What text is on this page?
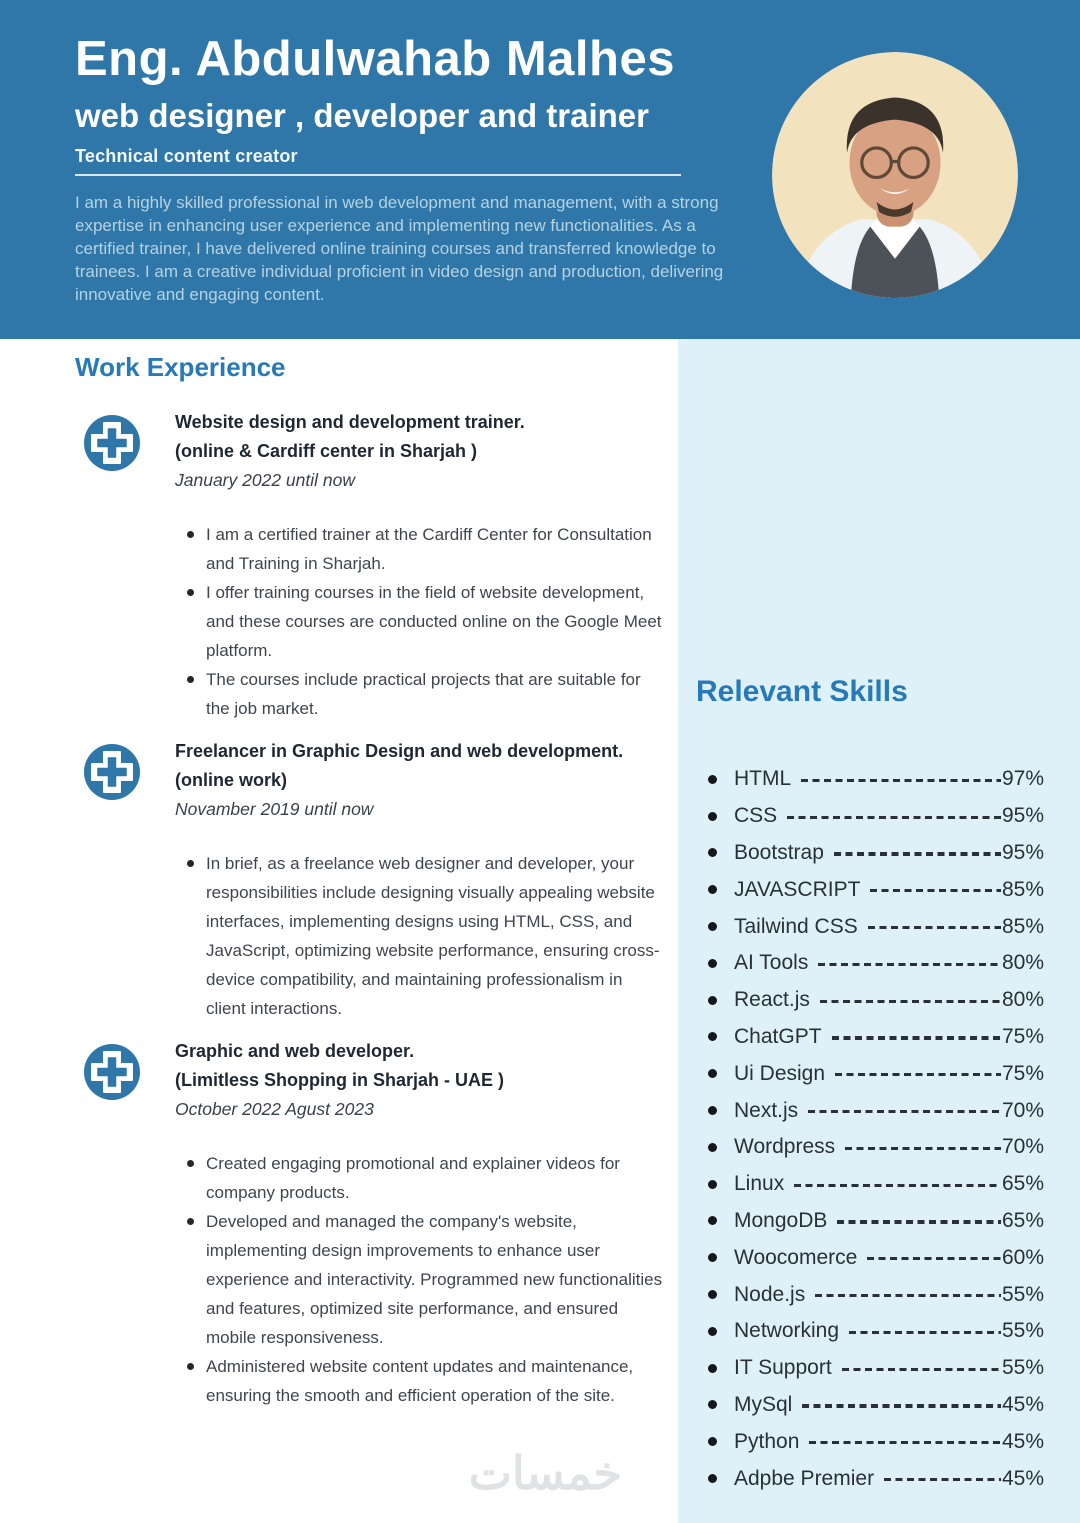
Eng. Abdulwahab Malhes
web designer , developer and trainer
Technical content creator

I am a highly skilled professional in web development and management, with a strong expertise in enhancing user experience and implementing new functionalities. As a certified trainer, I have delivered online training courses and transferred knowledge to trainees. I am a creative individual proficient in video design and production, delivering innovative and engaging content.

Relevant Skills
HTML	97%
CSS	95%
Bootstrap	95%
JAVASCRIPT	85%
Tailwind CSS	85%
AI Tools	80%
React.js	80%
ChatGPT	75%
Ui Design	75%
Next.js	70%
Wordpress	70%
Linux	65%
MongoDB	65%
Woocomerce	60%
Node.js	55%
Networking	55%
IT Support	55%
MySql	45%
Python	45%
Adpbe Premier	45%
Work Experience
Website design and development trainer.
(online & Cardiff center in Sharjah )
January 2022 until now
I am a certified trainer at the Cardiff Center for Consultation and Training in Sharjah.
I offer training courses in the field of website development, and these courses are conducted online on the Google Meet platform.
The courses include practical projects that are suitable for the job market.
Freelancer in Graphic Design and web development.
(online work)
Novamber 2019 until now
In brief, as a freelance web designer and developer, your responsibilities include designing visually appealing website interfaces, implementing designs using HTML, CSS, and JavaScript, optimizing website performance, ensuring cross-device compatibility, and maintaining professionalism in client interactions.
Graphic and web developer.
(Limitless Shopping in Sharjah - UAE )
October 2022 Agust 2023
Created engaging promotional and explainer videos for company products.
Developed and managed the company's website, implementing design improvements to enhance user experience and interactivity. Programmed new functionalities and features, optimized site performance, and ensured mobile responsiveness.
Administered website content updates and maintenance, ensuring the smooth and efficient operation of the site.
خمسات
